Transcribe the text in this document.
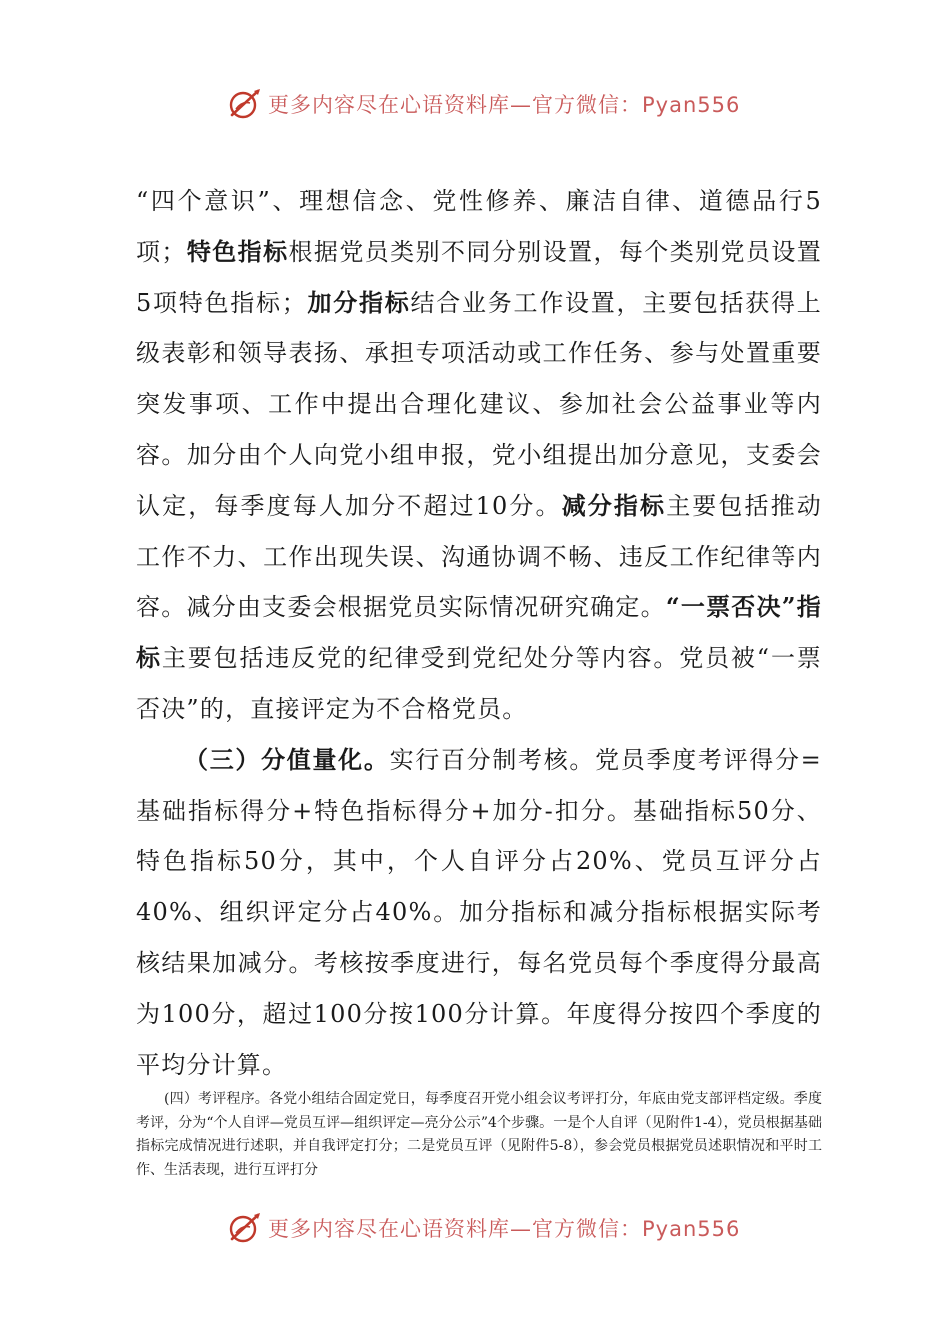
更多内容尽在心语资料库—官方微信：Pyan556

“四个意识”、理想信念、党性修养、廉洁自律、道德品行5项；特色指标根据党员类别不同分别设置，每个类别党员设置5项特色指标；加分指标结合业务工作设置，主要包括获得上级表彰和领导表扬、承担专项活动或工作任务、参与处置重要突发事项、工作中提出合理化建议、参加社会公益事业等内容。加分由个人向党小组申报，党小组提出加分意见，支委会认定，每季度每人加分不超过10分。减分指标主要包括推动工作不力、工作出现失误、沟通协调不畅、违反工作纪律等内容。减分由支委会根据党员实际情况研究确定。“一票否决”指标主要包括违反党的纪律受到党纪处分等内容。党员被“一票否决”的，直接评定为不合格党员。

（三）分值量化。实行百分制考核。党员季度考评得分=基础指标得分+特色指标得分+加分-扣分。基础指标50分、特色指标50分，其中，个人自评分占20%、党员互评分占40%、组织评定分占40%。加分指标和减分指标根据实际考核结果加减分。考核按季度进行，每名党员每个季度得分最高为100分，超过100分按100分计算。年度得分按四个季度的平均分计算。

(四）考评程序。各党小组结合固定党日，每季度召开党小组会议考评打分，年底由党支部评档定级。季度考评，分为“个人自评—党员互评—组织评定—亮分公示”4个步骤。一是个人自评（见附件1-4），党员根据基础指标完成情况进行述职，并自我评定打分；二是党员互评（见附件5-8），参会党员根据党员述职情况和平时工作、生活表现，进行互评打分

更多内容尽在心语资料库—官方微信：Pyan556
